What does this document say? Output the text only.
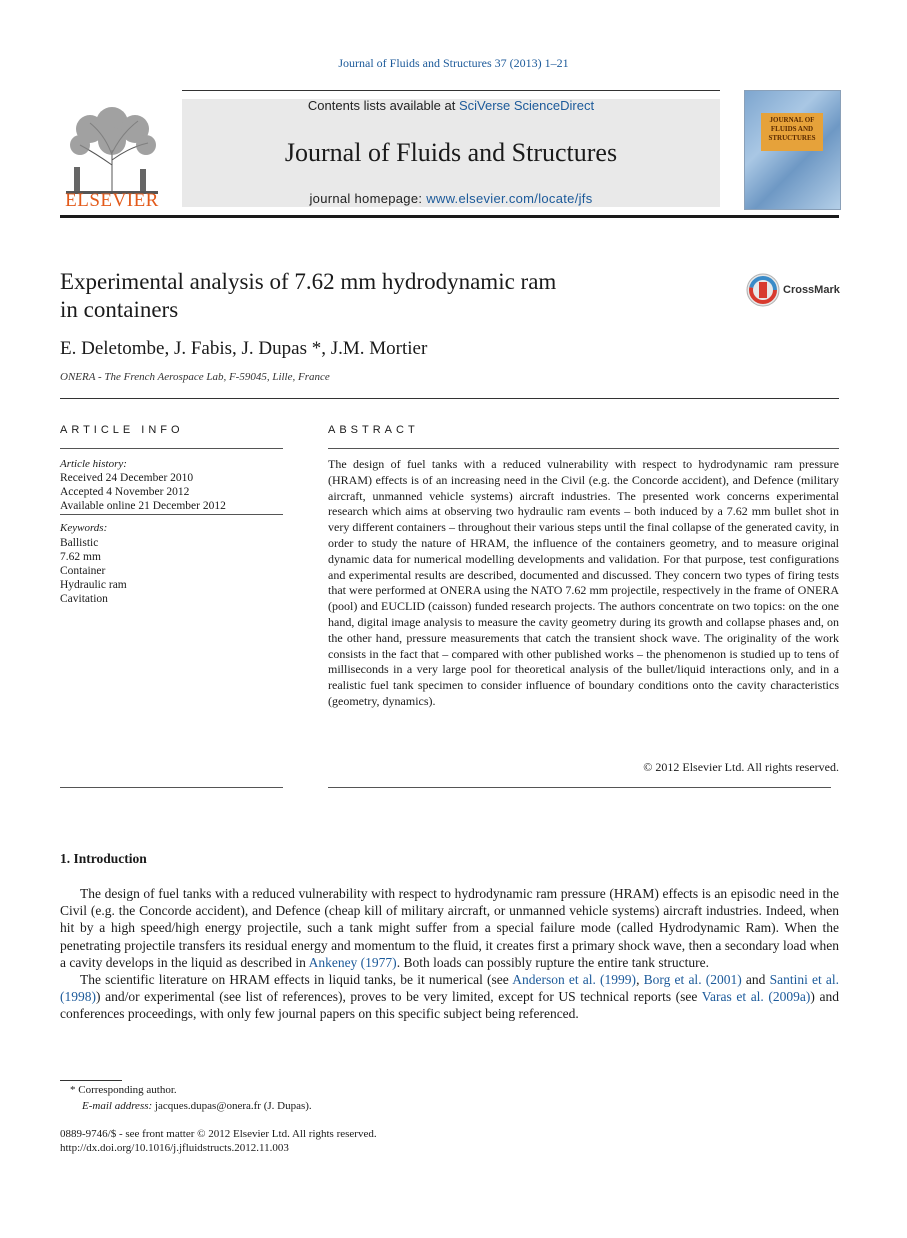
Journal of Fluids and Structures 37 (2013) 1–21
ELSEVIER
Contents lists available at SciVerse ScienceDirect
Journal of Fluids and Structures
journal homepage: www.elsevier.com/locate/jfs
JOURNAL OF FLUIDS AND STRUCTURES
Experimental analysis of 7.62 mm hydrodynamic ram
in containers
CrossMark
E. Deletombe, J. Fabis, J. Dupas *, J.M. Mortier
ONERA - The French Aerospace Lab, F-59045, Lille, France
ARTICLE INFO
Article history:
Received 24 December 2010
Accepted 4 November 2012
Available online 21 December 2012
Keywords:
Ballistic
7.62 mm
Container
Hydraulic ram
Cavitation
ABSTRACT
The design of fuel tanks with a reduced vulnerability with respect to hydrodynamic ram pressure (HRAM) effects is of an increasing need in the Civil (e.g. the Concorde accident), and Defence (military aircraft, unmanned vehicle systems) aircraft industries. The presented work concerns experimental research which aims at observing two hydraulic ram events – both induced by a 7.62 mm bullet shot in very different containers – throughout their various steps until the final collapse of the generated cavity, in order to study the nature of HRAM, the influence of the containers geometry, and to measure original dynamic data for numerical modelling developments and validation. For that purpose, test configurations and experimental results are described, documented and discussed. They concern two types of firing tests that were performed at ONERA using the NATO 7.62 mm projectile, respectively in the frame of ONERA (pool) and EUCLID (caisson) funded research projects. The authors concentrate on two topics: on the one hand, digital image analysis to measure the cavity geometry during its growth and collapse phases and, on the other hand, pressure measurements that catch the transient shock wave. The originality of the work consists in the fact that – compared with other published works – the phenomenon is studied up to tens of milliseconds in a very large pool for theoretical analysis of the bullet/liquid interactions only, and in a realistic fuel tank specimen to consider influence of boundary conditions onto the cavity characteristics (geometry, dynamics).
© 2012 Elsevier Ltd. All rights reserved.
1. Introduction

The design of fuel tanks with a reduced vulnerability with respect to hydrodynamic ram pressure (HRAM) effects is an episodic need in the Civil (e.g. the Concorde accident), and Defence (cheap kill of military aircraft, or unmanned vehicle systems) aircraft industries. Indeed, when hit by a high speed/high energy projectile, such a tank might suffer from a special failure mode (called Hydrodynamic Ram). When the penetrating projectile transfers its residual energy and momentum to the fluid, it creates first a primary shock wave, then a secondary load when a cavity develops in the liquid as described in Ankeney (1977). Both loads can possibly rupture the entire tank structure.

The scientific literature on HRAM effects in liquid tanks, be it numerical (see Anderson et al. (1999), Borg et al. (2001) and Santini et al. (1998)) and/or experimental (see list of references), proves to be very limited, except for US technical reports (see Varas et al. (2009a)) and conferences proceedings, with only few journal papers on this specific subject being referenced.

* Corresponding author.
E-mail address: jacques.dupas@onera.fr (J. Dupas).
0889-9746/$ - see front matter © 2012 Elsevier Ltd. All rights reserved.
http://dx.doi.org/10.1016/j.jfluidstructs.2012.11.003
